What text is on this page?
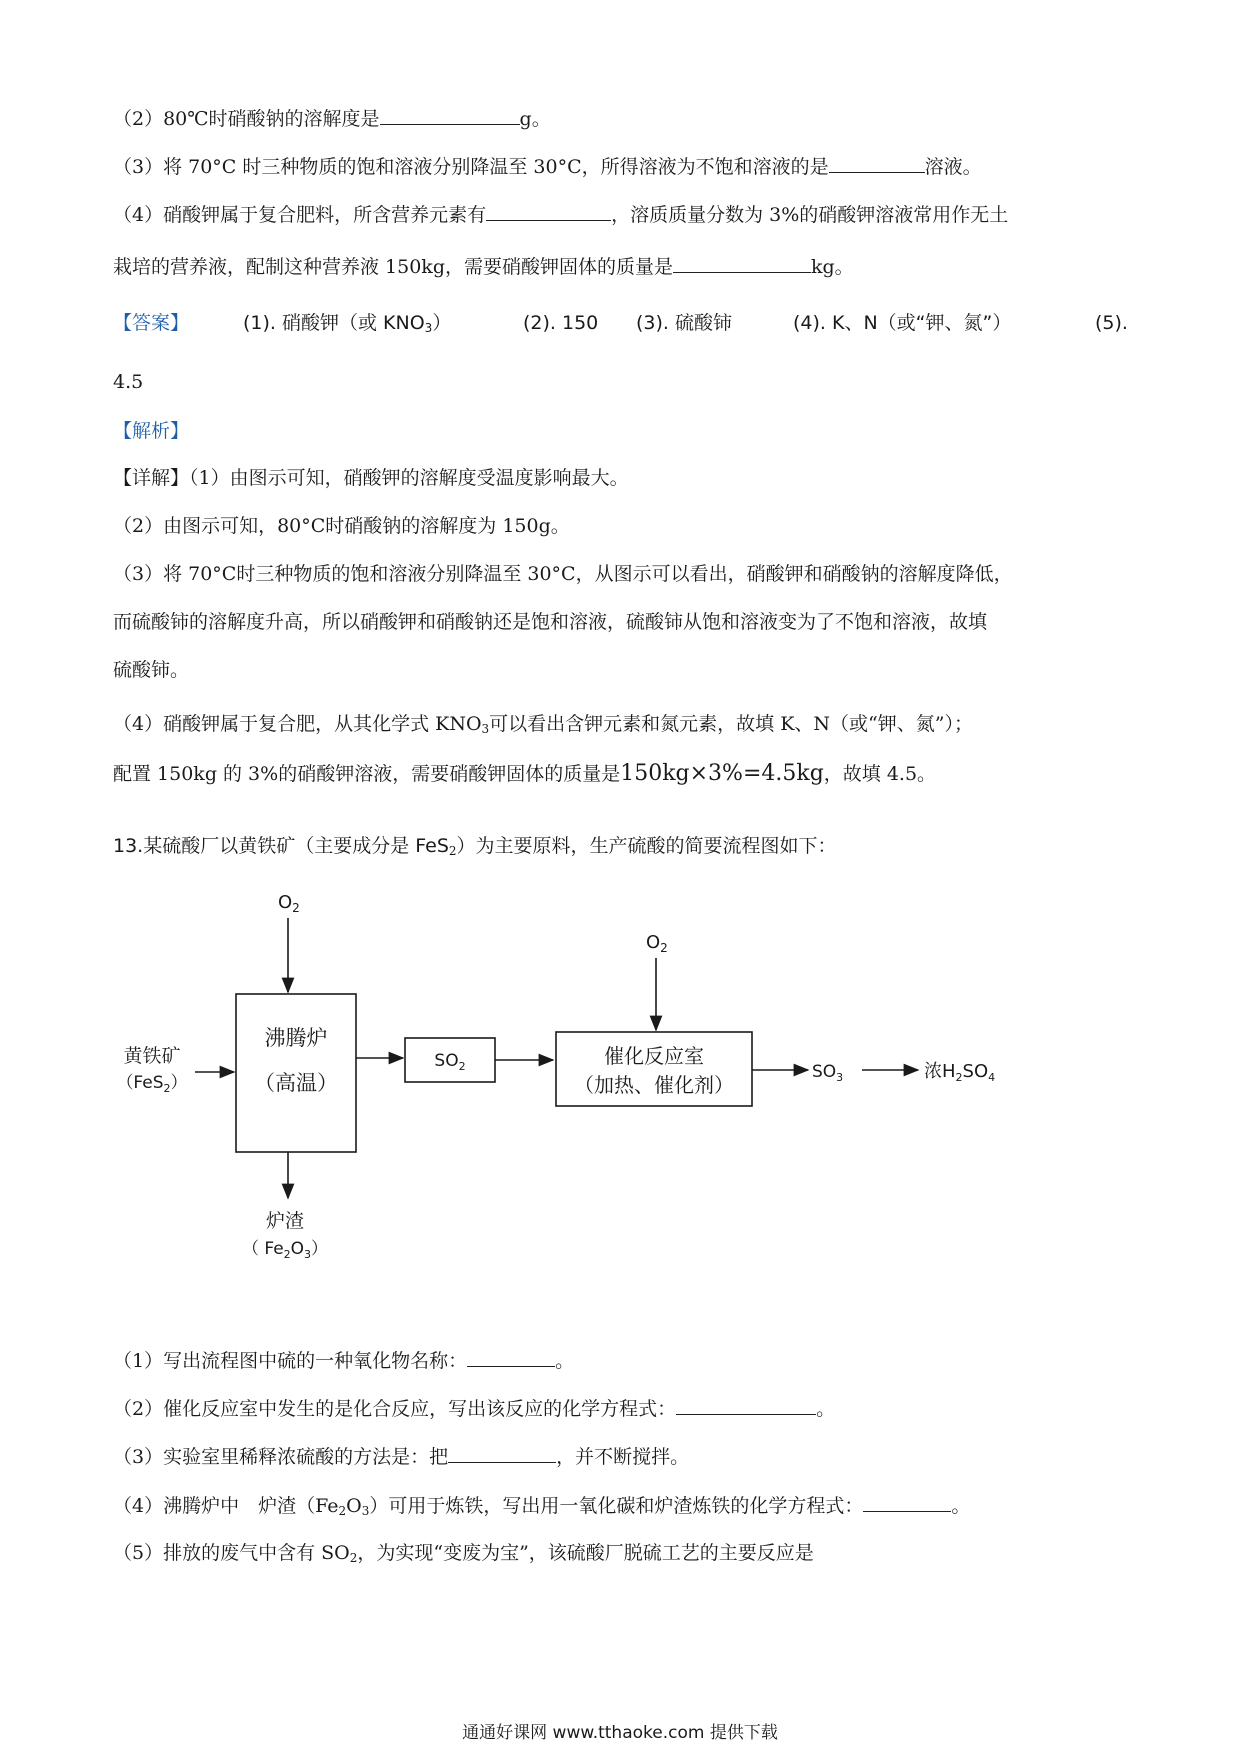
（2）80℃时硝酸钠的溶解度是	g。
（3）将 70°C 时三种物质的饱和溶液分别降温至 30°C，所得溶液为不饱和溶液的是	溶液。
（4）硝酸钾属于复合肥料，所含营养元素有	，溶质质量分数为 3%的硝酸钾溶液常用作无土
栽培的营养液，配制这种营养液 150kg，需要硝酸钾固体的质量是	kg。
【答案】	(1). 硝酸钾（或 $KNO_3$）	(2). 150 (3). 硫酸铈	(4). K、N（或“钾、氮”）	(5).
4.5
【解析】
【详解】（1）由图示可知，硝酸钾的溶解度受温度影响最大。
（2）由图示可知，80°C时硝酸钠的溶解度为 150g。
（3）将 70°C时三种物质的饱和溶液分别降温至 30°C，从图示可以看出，硝酸钾和硝酸钠的溶解度降低，
而硫酸铈的溶解度升高，所以硝酸钾和硝酸钠还是饱和溶液，硫酸铈从饱和溶液变为了不饱和溶液，故填
硫酸铈。
（4）硝酸钾属于复合肥，从其化学式 $KNO_3$可以看出含钾元素和氮元素，故填 K、N（或“钾、氮”）；
配置 150kg 的 3%的硝酸钾溶液，需要硝酸钾固体的质量是150kg×3%=4.5kg，故填 4.5。
13.某硫酸厂以黄铁矿（主要成分是 FeS$_2$）为主要原料，生产硫酸的简要流程图如下：
$O_2$
沸腾炉
（高温）
黄铁矿
（FeS$_2$）
$SO_2$
$O_2$
催化反应室
（加热、催化剂）
$SO_3$	浓$H_2SO_4$
炉渣
（ $Fe_2O_3$）
（1）写出流程图中硫的一种氧化物名称：	。
（2）催化反应室中发生的是化合反应，写出该反应的化学方程式：	。
（3）实验室里稀释浓硫酸的方法是：把	，并不断搅拌。
（4）沸腾炉中　炉渣$(Fe_2O_3)$可用于炼铁，写出用一氧化碳和炉渣炼铁的化学方程式：	。
（5）排放的废气中含有 $SO_2$，为实现“变废为宝”，该硫酸厂脱硫工艺的主要反应是
通通好课网 www.tthaoke.com 提供下载
